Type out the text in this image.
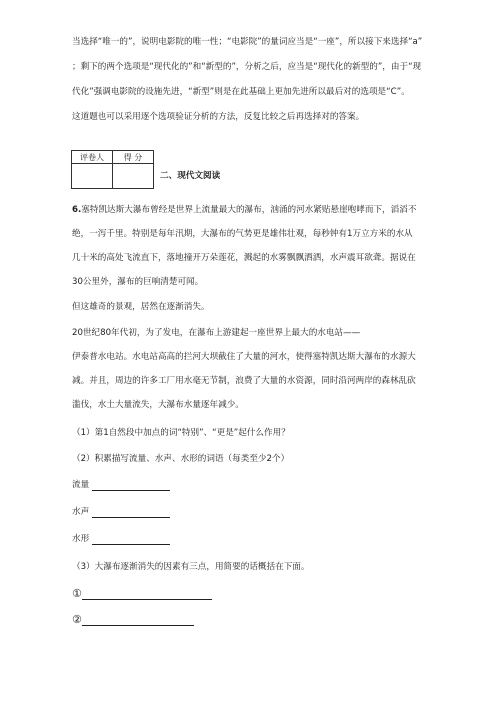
当选择“唯一的”，说明电影院的唯一性；“电影院”的量词应当是“一座”，所以接下来选择“a”
；剩下的两个选项是“现代化的”和“新型的”，分析之后，应当是“现代化的新型的”，由于“现
代化”强调电影院的设施先进，“新型”则是在此基础上更加先进所以最后对的选项是“C”。
这道题也可以采用逐个选项验证分析的方法，反复比较之后再选择对的答案。
评卷人	得 分

二、现代文阅读
6.塞特凯达斯大瀑布曾经是世界上流量最大的瀑布，汹涌的河水紧贴悬崖咆哮而下，滔滔不
绝，一泻千里。特别是每年汛期，大瀑布的气势更是雄伟壮观，每秒钟有1万立方米的水从
几十米的高处飞流直下，落地撞开万朵莲花，溅起的水雾飘飘洒洒，水声震耳欲聋。据说在
30公里外，瀑布的巨响清楚可闻。
但这雄奇的景观，居然在逐渐消失。
20世纪80年代初，为了发电，在瀑布上游建起一座世界上最大的水电站——
伊泰普水电站。水电站高高的拦河大坝截住了大量的河水，使得塞特凯达斯大瀑布的水源大
减。并且，周边的许多工厂用水毫无节制，浪费了大量的水资源，同时沿河两岸的森林乱砍
滥伐，水土大量流失，大瀑布水量逐年减少。
（1）第1自然段中加点的词“特别”、“更是”起什么作用？
（2）积累描写流量、水声、水形的词语（每类至少2个）
流量
水声
水形
（3）大瀑布逐渐消失的因素有三点，用简要的话概括在下面。
①
②
